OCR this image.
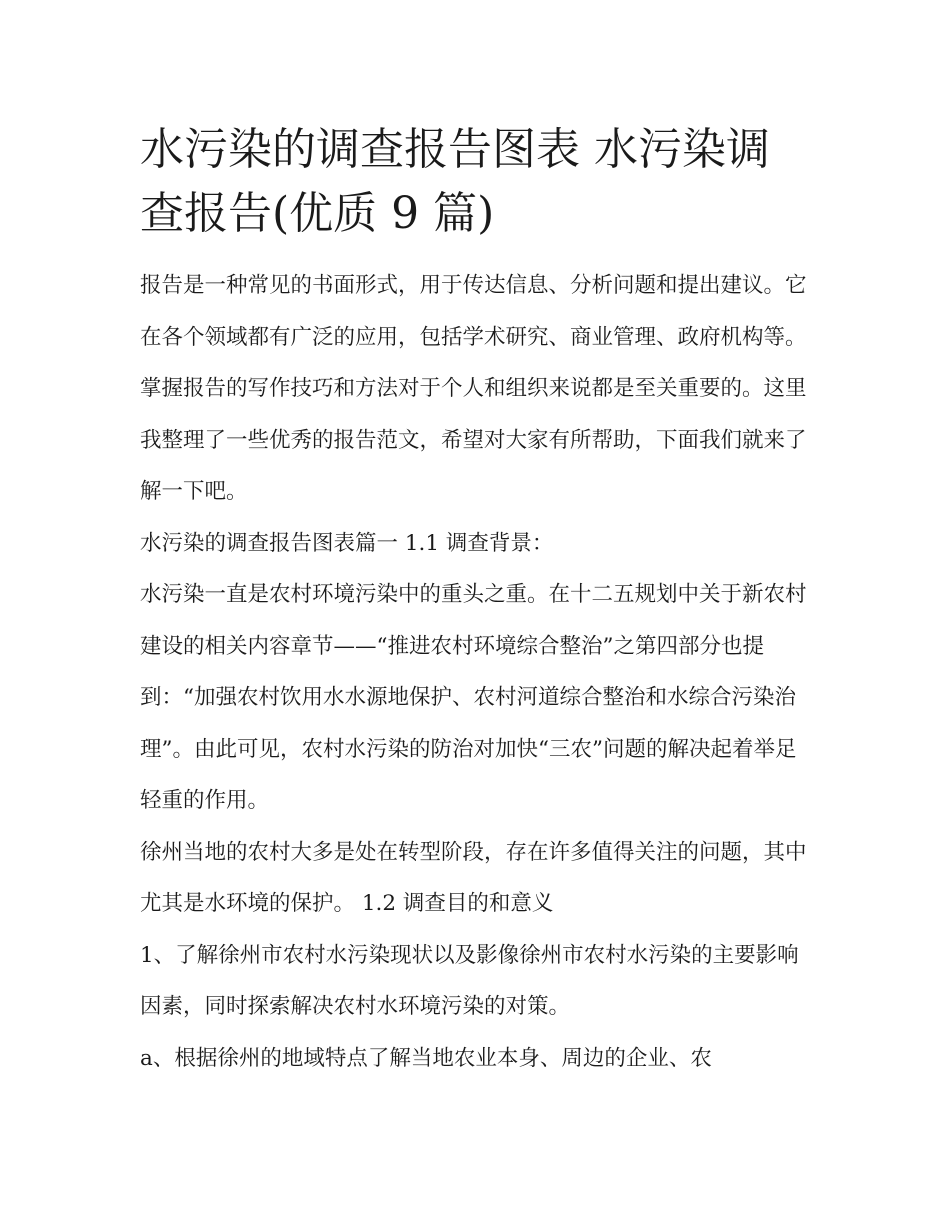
水污染的调查报告图表 水污染调查报告(优质 9 篇)

报告是一种常见的书面形式，用于传达信息、分析问题和提出建议。它在各个领域都有广泛的应用，包括学术研究、商业管理、政府机构等。掌握报告的写作技巧和方法对于个人和组织来说都是至关重要的。这里我整理了一些优秀的报告范文，希望对大家有所帮助，下面我们就来了解一下吧。

水污染的调查报告图表篇一 1.1 调查背景：

水污染一直是农村环境污染中的重头之重。在十二五规划中关于新农村建设的相关内容章节——“推进农村环境综合整治”之第四部分也提到：“加强农村饮用水水源地保护、农村河道综合整治和水综合污染治理”。由此可见，农村水污染的防治对加快“三农”问题的解决起着举足轻重的作用。

徐州当地的农村大多是处在转型阶段，存在许多值得关注的问题，其中尤其是水环境的保护。 1.2 调查目的和意义

1、了解徐州市农村水污染现状以及影像徐州市农村水污染的主要影响因素，同时探索解决农村水环境污染的对策。

a、根据徐州的地域特点了解当地农业本身、周边的企业、农
